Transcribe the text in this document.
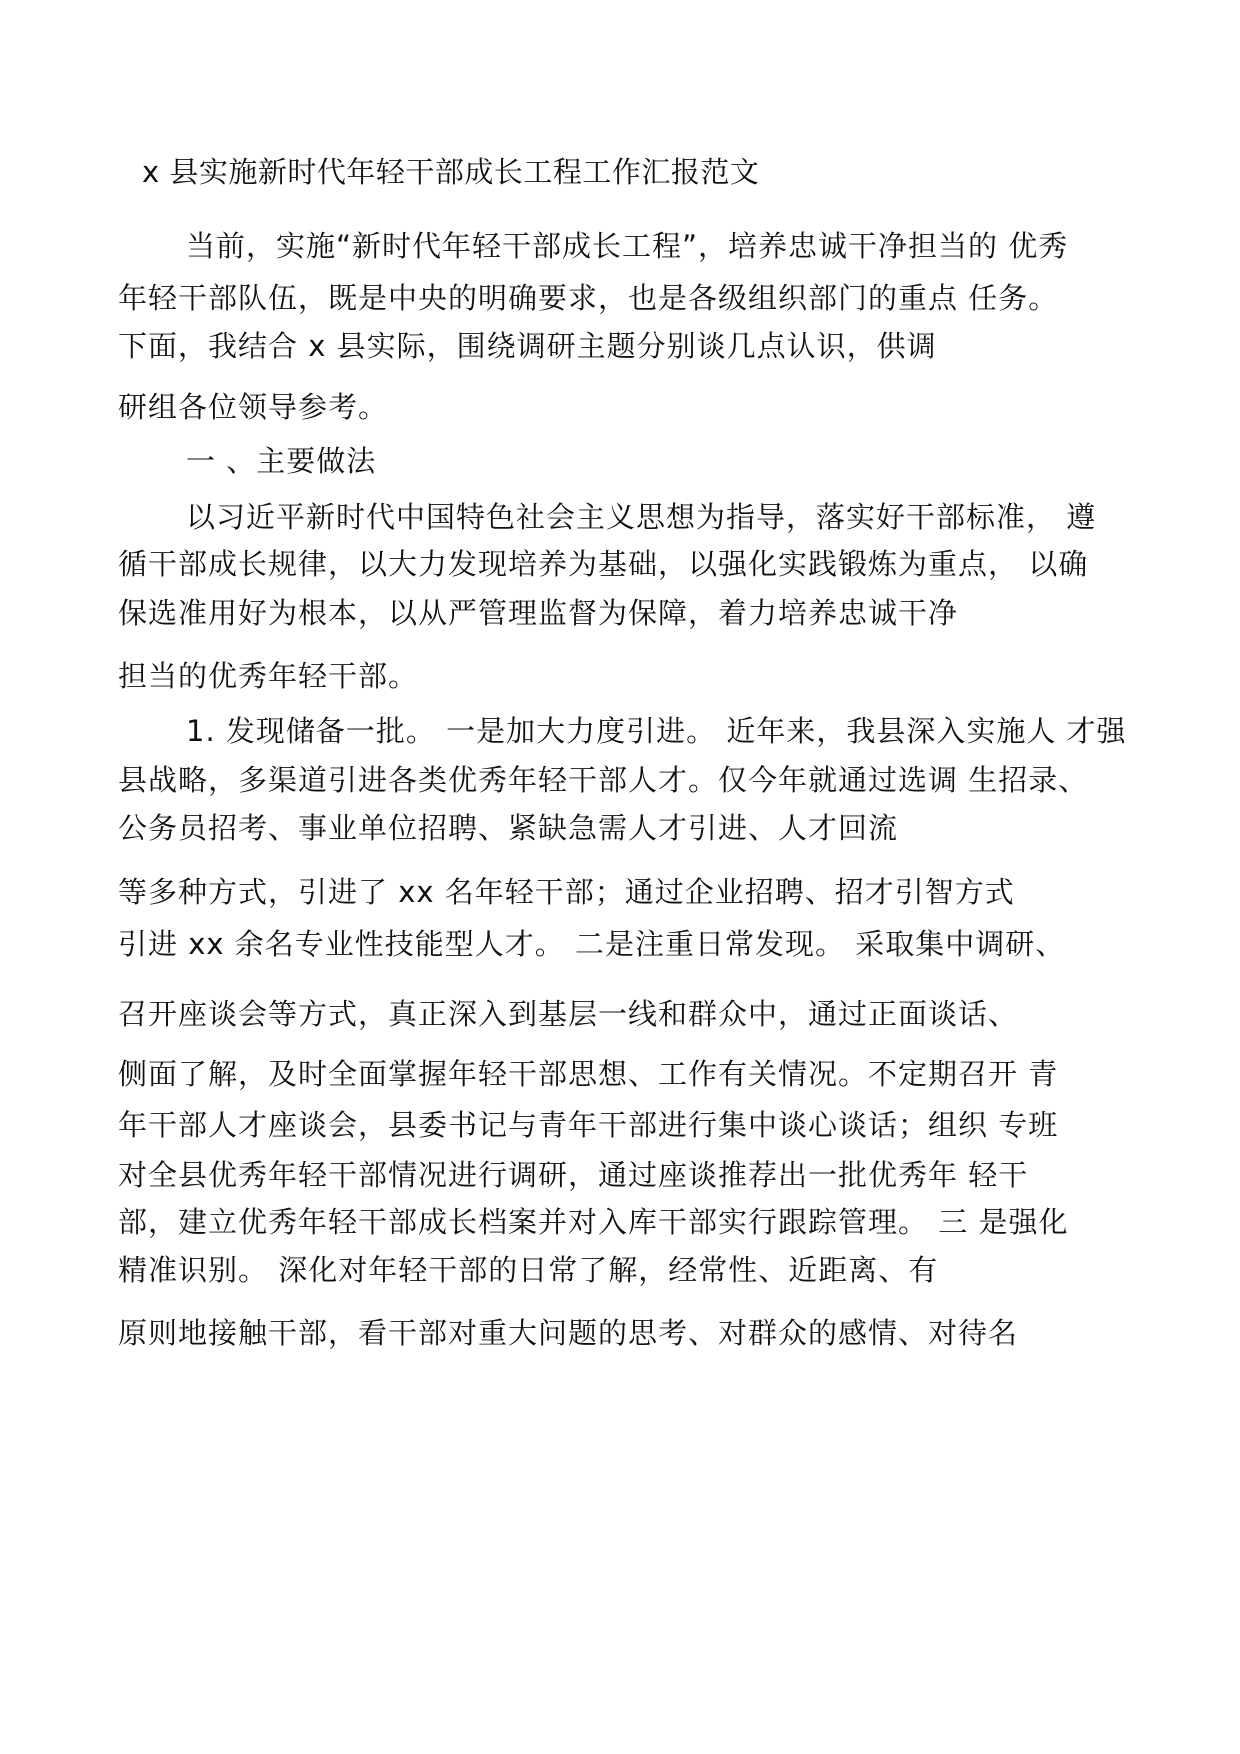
x 县实施新时代年轻干部成长工程工作汇报范文
当前，实施“新时代年轻干部成长工程”，培养忠诚干净担当的 优秀
年轻干部队伍，既是中央的明确要求，也是各级组织部门的重点 任务。
下面，我结合 x 县实际，围绕调研主题分别谈几点认识，供调
研组各位领导参考。
一 、主要做法
以习近平新时代中国特色社会主义思想为指导，落实好干部标准， 遵
循干部成长规律，以大力发现培养为基础，以强化实践锻炼为重点， 以确
保选准用好为根本，以从严管理监督为保障，着力培养忠诚干净
担当的优秀年轻干部。
1. 发现储备一批。 一是加大力度引进。 近年来，我县深入实施人 才强
县战略，多渠道引进各类优秀年轻干部人才。仅今年就通过选调 生招录、
公务员招考、事业单位招聘、紧缺急需人才引进、人才回流
等多种方式，引进了 xx 名年轻干部；通过企业招聘、招才引智方式
引进 xx 余名专业性技能型人才。 二是注重日常发现。 采取集中调研、
召开座谈会等方式，真正深入到基层一线和群众中，通过正面谈话、
侧面了解，及时全面掌握年轻干部思想、工作有关情况。不定期召开 青
年干部人才座谈会，县委书记与青年干部进行集中谈心谈话；组织 专班
对全县优秀年轻干部情况进行调研，通过座谈推荐出一批优秀年 轻干
部，建立优秀年轻干部成长档案并对入库干部实行跟踪管理。 三 是强化
精准识别。 深化对年轻干部的日常了解，经常性、近距离、有
原则地接触干部，看干部对重大问题的思考、对群众的感情、对待名
